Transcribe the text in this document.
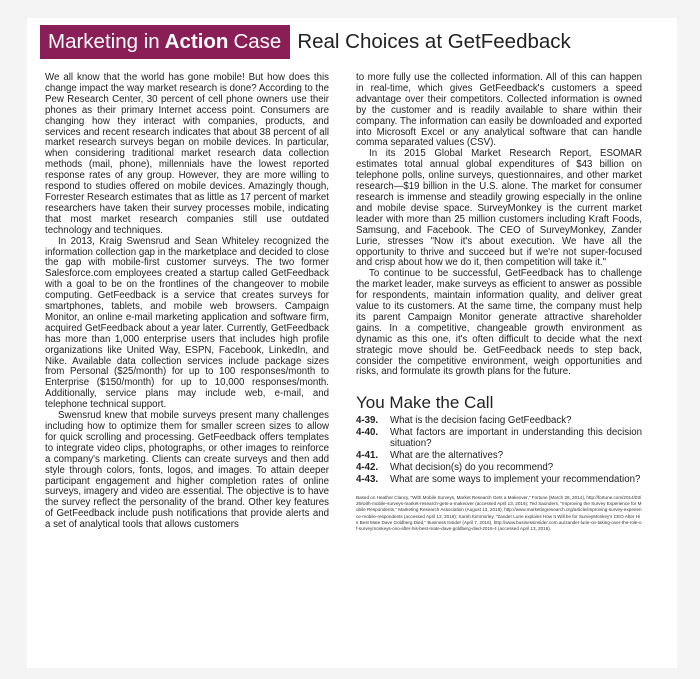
Marketing in Action Case Real Choices at GetFeedback

We all know that the world has gone mobile! But how does this change impact the way market research is done? According to the Pew Research Center, 30 percent of cell phone owners use their phones as their primary Internet access point. Consumers are changing how they interact with companies, products, and services and recent research indicates that about 38 percent of all market research surveys began on mobile devices. In particular, when considering traditional market research data collection methods (mail, phone), millennials have the lowest reported response rates of any group. However, they are more willing to respond to studies offered on mobile devices. Amazingly though, Forrester Research estimates that as little as 17 percent of market researchers have taken their survey processes mobile, indicating that most market research companies still use outdated technology and techniques.

In 2013, Kraig Swensrud and Sean Whiteley recognized the information collection gap in the marketplace and decided to close the gap with mobile-first customer surveys. The two former Salesforce.com employees created a startup called GetFeedback with a goal to be on the frontlines of the changeover to mobile computing. GetFeedback is a service that creates surveys for smartphones, tablets, and mobile web browsers. Campaign Monitor, an online e-mail marketing application and software firm, acquired GetFeedback about a year later. Currently, GetFeedback has more than 1,000 enterprise users that includes high profile organizations like United Way, ESPN, Facebook, LinkedIn, and Nike. Available data collection services include package sizes from Personal ($25/month) for up to 100 responses/month to Enterprise ($150/month) for up to 10,000 responses/month. Additionally, service plans may include web, e-mail, and telephone technical support.

Swensrud knew that mobile surveys present many challenges including how to optimize them for smaller screen sizes to allow for quick scrolling and processing. GetFeedback offers templates to integrate video clips, photographs, or other images to reinforce a company's marketing. Clients can create surveys and then add style through colors, fonts, logos, and images. To attain deeper participant engagement and higher completion rates of online surveys, imagery and video are essential. The objective is to have the survey reflect the personality of the brand. Other key features of GetFeedback include push notifications that provide alerts and a set of analytical tools that allows customers

to more fully use the collected information. All of this can happen in real-time, which gives GetFeedback's customers a speed advantage over their competitors. Collected information is owned by the customer and is readily available to share within their company. The information can easily be downloaded and exported into Microsoft Excel or any analytical software that can handle comma separated values (CSV).

In its 2015 Global Market Research Report, ESOMAR estimates total annual global expenditures of $43 billion on telephone polls, online surveys, questionnaires, and other market research—$19 billion in the U.S. alone. The market for consumer research is immense and steadily growing especially in the online and mobile devise space. SurveyMonkey is the current market leader with more than 25 million customers including Kraft Foods, Samsung, and Facebook. The CEO of SurveyMonkey, Zander Lurie, stresses "Now it's about execution. We have all the opportunity to thrive and succeed but if we're not super-focused and crisp about how we do it, then competition will take it."

To continue to be successful, GetFeedback has to challenge the market leader, make surveys as efficient to answer as possible for respondents, maintain information quality, and deliver great value to its customers. At the same time, the company must help its parent Campaign Monitor generate attractive shareholder gains. In a competitive, changeable growth environment as dynamic as this one, it's often difficult to decide what the next strategic move should be. GetFeedback needs to step back, consider the competitive environment, weigh opportunities and risks, and formulate its growth plans for the future.

You Make the Call
4-39.	What is the decision facing GetFeedback?
4-40.	What factors are important in understanding this decision situation?
4-41.	What are the alternatives?
4-42.	What decision(s) do you recommend?
4-43.	What are some ways to implement your recommendation?
Based on Heather Clancy, "With Mobile Surveys, Market Research Gets a Makeover," Fortune (March 26, 2014), http://fortune.com/2014/03/26/with-mobile-surveys-market-research-gets-a-makeover (accessed April 13, 2016); Ted Saunders, "Improving the Survey Experience for Mobile Respondents," Marketing Research Association (August 13, 2016), http://www.marketingresearch.org/article/improving-survey-experience-mobile-respondents (accessed April 13, 2016); Sarah Kimmorley, "Zander Lurie explains How It Will be for SurveyMonkey's CEO After His Best Mate Dave Goldberg Died," Business Insider (April 7, 2016), http://www.businessinsider.com.au/zander-lurie-on-taking-over-the-role-of-surveymonkeys-ceo-after-his-best-mate-dave-goldberg-died-2016-4 (accessed April 13, 2016).
